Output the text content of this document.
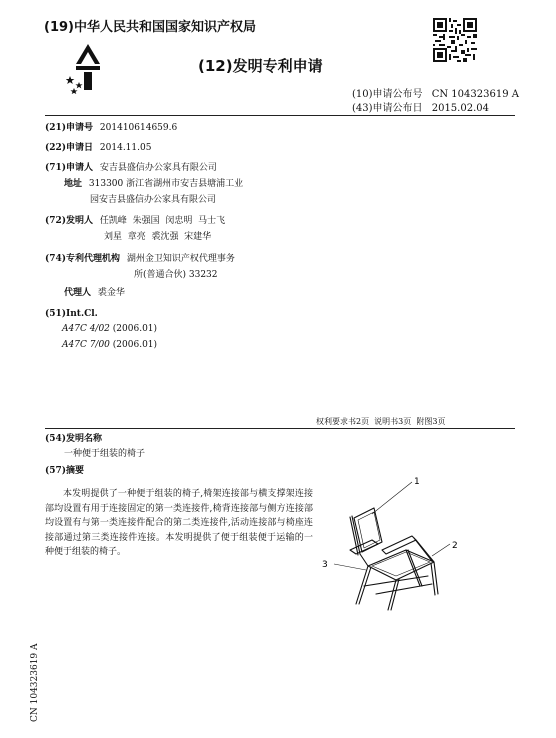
(19)中华人民共和国国家知识产权局
(12)发明专利申请
(10)申请公布号 CN 104323619 A
(43)申请公布日 2015.02.04
(21)申请号 201410614659.6
(22)申请日 2014.11.05
(71)申请人 安吉县盛信办公家具有限公司
地址 313300 浙江省湖州市安吉县塘浦工业
园安吉县盛信办公家具有限公司
(72)发明人 任凯峰  朱强国  闵忠明  马士飞
刘星  章亮  裘沈强  宋建华
(74)专利代理机构 湖州金卫知识产权代理事务
所(普通合伙) 33232
代理人 裘金华
(51)Int.Cl.
A47C 4/02 (2006.01)
A47C 7/00 (2006.01)
权利要求书2页  说明书3页  附图3页
(54)发明名称
一种便于组装的椅子
(57)摘要
本发明提供了一种便于组装的椅子,椅架连接部与横支撑架连接部均设置有用于连接固定的第一类连接件,椅背连接部与侧方连接部均设置有与第一类连接件配合的第二类连接件,活动连接部与椅座连接部通过第三类连接件连接。本发明提供了便于组装便于运输的一种便于组装的椅子。
1
2
3
CN 104323619 A
